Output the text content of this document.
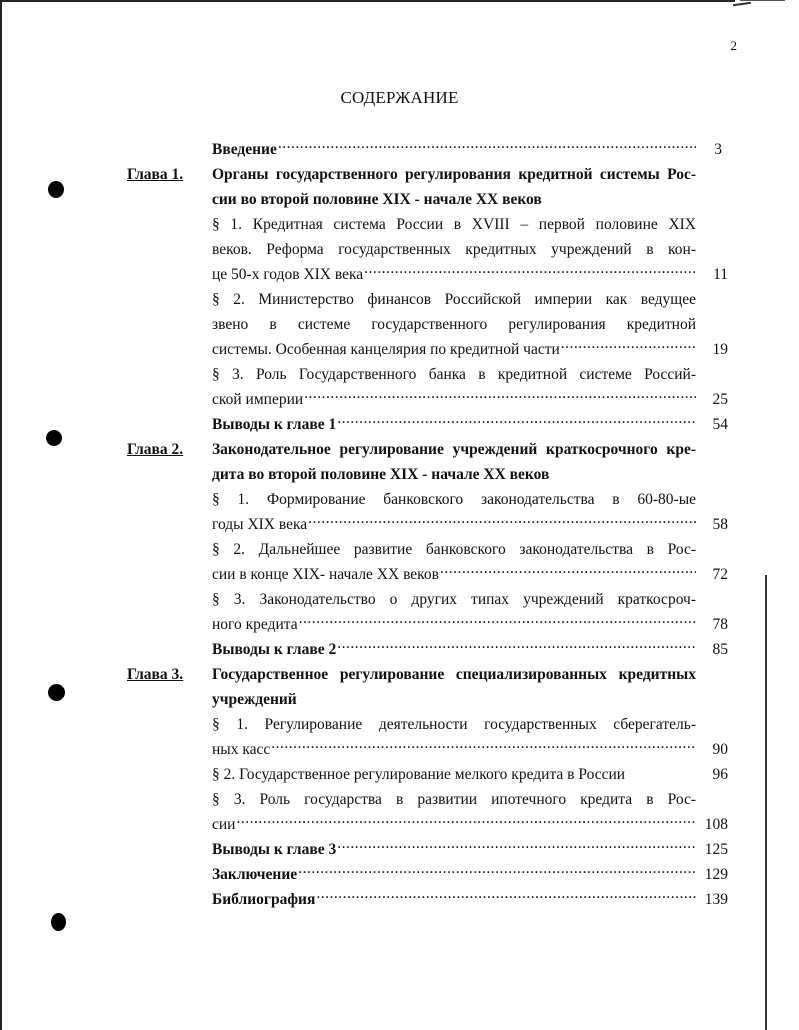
2
СОДЕРЖАНИЕ
Введение .....	3
Глава 1. Органы государственного регулирования кредитной системы Рос-
сии во второй половине XIX - начале XX веков
§ 1. Кредитная система России в XVIII – первой половине XIX
веков. Реформа государственных кредитных учреждений в кон-
це 50-х годов XIX века .....	11
§ 2. Министерство финансов Российской империи как ведущее
звено в системе государственного регулирования кредитной
системы. Особенная канцелярия по кредитной части .....	19
§ 3. Роль Государственного банка в кредитной системе Россий-
ской империи .....	25
Выводы к главе 1 .....	54
Глава 2. Законодательное регулирование учреждений краткосрочного кре-
дита во второй половине XIX - начале XX веков
§ 1. Формирование банковского законодательства в 60-80-ые
годы XIX века .....	58
§ 2. Дальнейшее развитие банковского законодательства в Рос-
сии в конце XIX- начале XX веков .....	72
§ 3. Законодательство о других типах учреждений краткосроч-
ного кредита .....	78
Выводы к главе 2 .....	85
Глава 3. Государственное регулирование специализированных кредитных
учреждений
§ 1. Регулирование деятельности государственных сберегатель-
ных касс .....	90
§ 2. Государственное регулирование мелкого кредита в России	96
§ 3. Роль государства в развитии ипотечного кредита в Рос-
сии .....	108
Выводы к главе 3 .....	125
Заключение .....	129
Библиография .....	139
